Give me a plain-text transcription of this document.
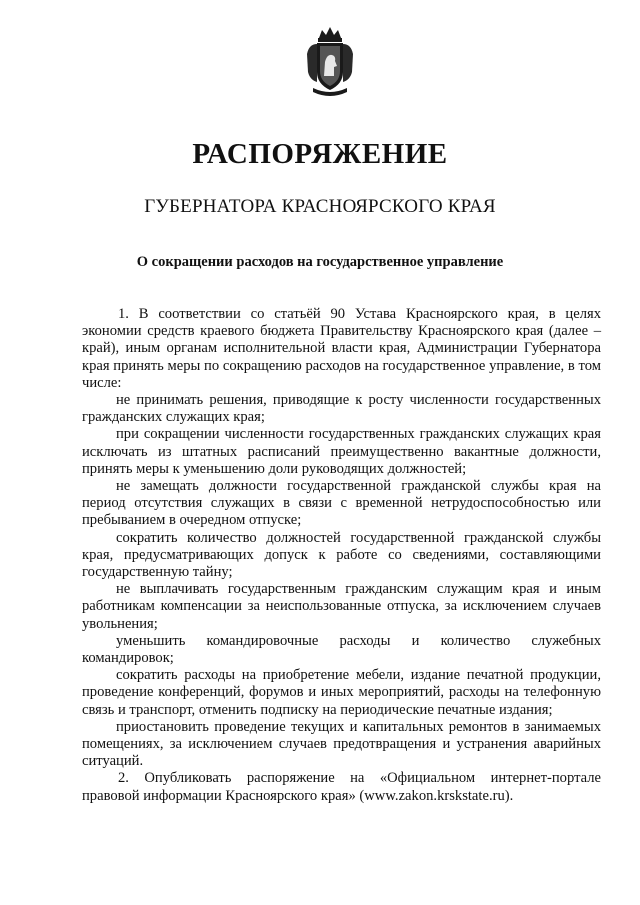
РАСПОРЯЖЕНИЕ
ГУБЕРНАТОРА КРАСНОЯРСКОГО КРАЯ
О сокращении расходов на государственное управление

1. В соответствии со статьёй 90 Устава Красноярского края, в целях экономии средств краевого бюджета Правительству Красноярского края (далее – край), иным органам исполнительной власти края, Администрации Губернатора края принять меры по сокращению расходов на государственное управление, в том числе:

не принимать решения, приводящие к росту численности государственных гражданских служащих края;

при сокращении численности государственных гражданских служащих края исключать из штатных расписаний преимущественно вакантные должности, принять меры к уменьшению доли руководящих должностей;

не замещать должности государственной гражданской службы края на период отсутствия служащих в связи с временной нетрудоспособностью или пребыванием в очередном отпуске;

сократить количество должностей государственной гражданской службы края, предусматривающих допуск к работе со сведениями, составляющими государственную тайну;

не выплачивать государственным гражданским служащим края и иным работникам компенсации за неиспользованные отпуска, за исключением случаев увольнения;

уменьшить командировочные расходы и количество служебных командировок;

сократить расходы на приобретение мебели, издание печатной продукции, проведение конференций, форумов и иных мероприятий, расходы на телефонную связь и транспорт, отменить подписку на периодические печатные издания;

приостановить проведение текущих и капитальных ремонтов в занимаемых помещениях, за исключением случаев предотвращения и устранения аварийных ситуаций.

2. Опубликовать распоряжение на «Официальном интернет-портале правовой информации Красноярского края» (www.zakon.krskstate.ru).
